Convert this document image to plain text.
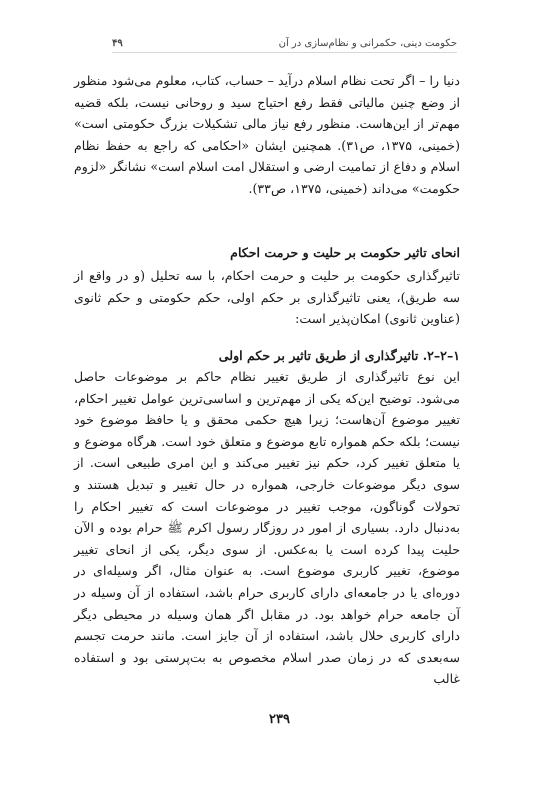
حکومت دینی، حکمرانی و نظام‌سازی در آن
۴۹

دنیا را – اگر تحت نظام اسلام درآید – حساب، کتاب، معلوم می‌شود منظور از وضع چنین مالیاتی فقط رفع احتیاج سید و روحانی نیست، بلکه قضیه مهم‌تر از این‌هاست. منظور رفع نیاز مالی تشکیلات بزرگ حکومتی است» (خمینی، ۱۳۷۵، ص۳۱). همچنین ایشان «احکامی که راجع به حفظ نظام اسلام و دفاع از تمامیت ارضی و استقلال امت اسلام است» نشانگر «لزوم حکومت» می‌داند (خمینی، ۱۳۷۵، ص۳۳).

انحای تاثیر حکومت بر حلیت و حرمت احکام

تاثیرگذاری حکومت بر حلیت و حرمت احکام، با سه تحلیل (و در واقع از سه طریق)، یعنی تاثیرگذاری بر حکم اولی، حکم حکومتی و حکم ثانوی (عناوین ثانوی) امکان‌پذیر است:

۱–۲–۲. تاثیرگذاری از طریق تاثیر بر حکم اولی

این نوع تاثیرگذاری از طریق تغییر نظام حاکم بر موضوعات حاصل می‌شود. توضیح این‌که یکی از مهم‌ترین و اساسی‌ترین عوامل تغییر احکام، تغییر موضوع آن‌هاست؛ زیرا هیچ حکمی محقق و یا حافظ موضوع خود نیست؛ بلکه حکم همواره تابع موضوع و متعلق خود است. هرگاه موضوع و یا متعلق تغییر کرد، حکم نیز تغییر می‌کند و این امری طبیعی است. از سوی دیگر موضوعات خارجی، همواره در حال تغییر و تبدیل هستند و تحولات گوناگون، موجب تغییر در موضوعات است که تغییر احکام را به‌دنبال دارد. بسیاری از امور در روزگار رسول اکرم ﷺ حرام بوده و الآن حلیت پیدا کرده است یا به‌عکس. از سوی دیگر، یکی از انحای تغییر موضوع، تغییر کاربری موضوع است. به عنوان مثال، اگر وسیله‌ای در دوره‌ای یا در جامعه‌ای دارای کاربری حرام باشد، استفاده از آن وسیله در آن جامعه حرام خواهد بود. در مقابل اگر همان وسیله در محیطی دیگر دارای کاربری حلال باشد، استفاده از آن جایز است. مانند حرمت تجسم سه‌بعدی که در زمان صدر اسلام مخصوص به بت‌پرستی بود و استفاده غالب

۲۳۹
